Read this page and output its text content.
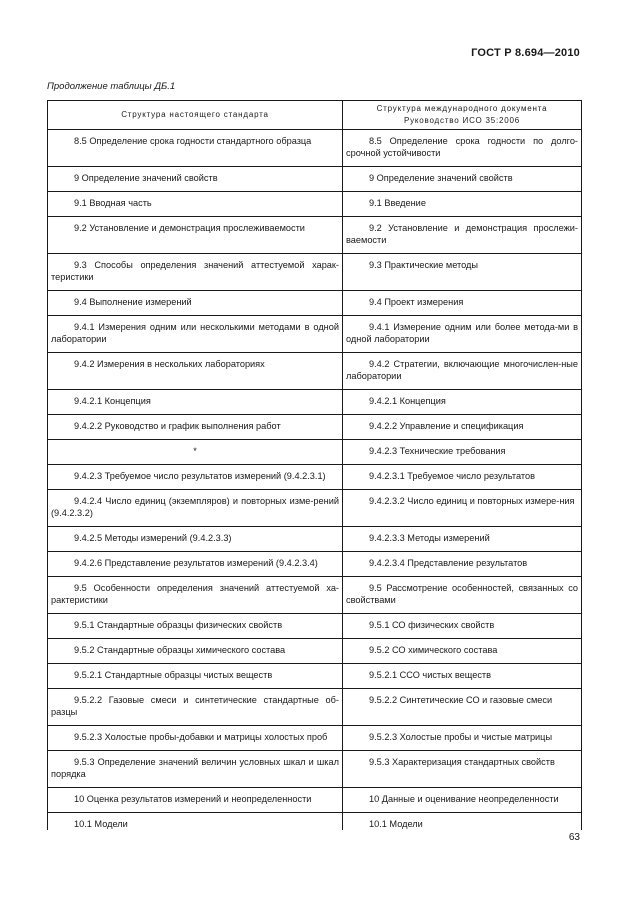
ГОСТ Р 8.694—2010
Продолжение таблицы ДБ.1
Структура настоящего стандарта	Структура международного документа Руководство ИСО 35:2006

8.5 Определение срока годности стандартного образца	8.5 Определение срока годности по долго-срочной устойчивости

9 Определение значений свойств	9 Определение значений свойств

9.1 Вводная часть	9.1 Введение

9.2 Установление и демонстрация прослеживаемости	9.2 Установление и демонстрация прослежи-ваемости

9.3 Способы определения значений аттестуемой харак-теристики	9.3 Практические методы

9.4 Выполнение измерений	9.4 Проект измерения

9.4.1 Измерения одним или несколькими методами в одной лаборатории	9.4.1 Измерение одним или более метода-ми в одной лаборатории

9.4.2 Измерения в нескольких лабораториях	9.4.2 Стратегии, включающие многочислен-ные лаборатории

9.4.2.1 Концепция	9.4.2.1 Концепция

9.4.2.2 Руководство и график выполнения работ	9.4.2.2 Управление и спецификация

*	9.4.2.3 Технические требования

9.4.2.3 Требуемое число результатов измерений (9.4.2.3.1)	9.4.2.3.1 Требуемое число результатов

9.4.2.4 Число единиц (экземпляров) и повторных изме-рений (9.4.2.3.2)	9.4.2.3.2 Число единиц и повторных измере-ния

9.4.2.5 Методы измерений (9.4.2.3.3)	9.4.2.3.3 Методы измерений

9.4.2.6 Представление результатов измерений (9.4.2.3.4)	9.4.2.3.4 Представление результатов

9.5 Особенности определения значений аттестуемой ха-рактеристики	9.5 Рассмотрение особенностей, связанных со свойствами

9.5.1 Стандартные образцы физических свойств	9.5.1 СО физических свойств

9.5.2 Стандартные образцы химического состава	9.5.2 СО химического состава

9.5.2.1 Стандартные образцы чистых веществ	9.5.2.1 ССО чистых веществ

9.5.2.2 Газовые смеси и синтетические стандартные об-разцы	9.5.2.2 Синтетические СО и газовые смеси

9.5.2.3 Холостые пробы-добавки и матрицы холостых проб	9.5.2.3 Холостые пробы и чистые матрицы

9.5.3 Определение значений величин условных шкал и шкал порядка	9.5.3 Характеризация стандартных свойств

10 Оценка результатов измерений и неопределенности	10 Данные и оценивание неопределенности

10.1 Модели	10.1 Модели
63
